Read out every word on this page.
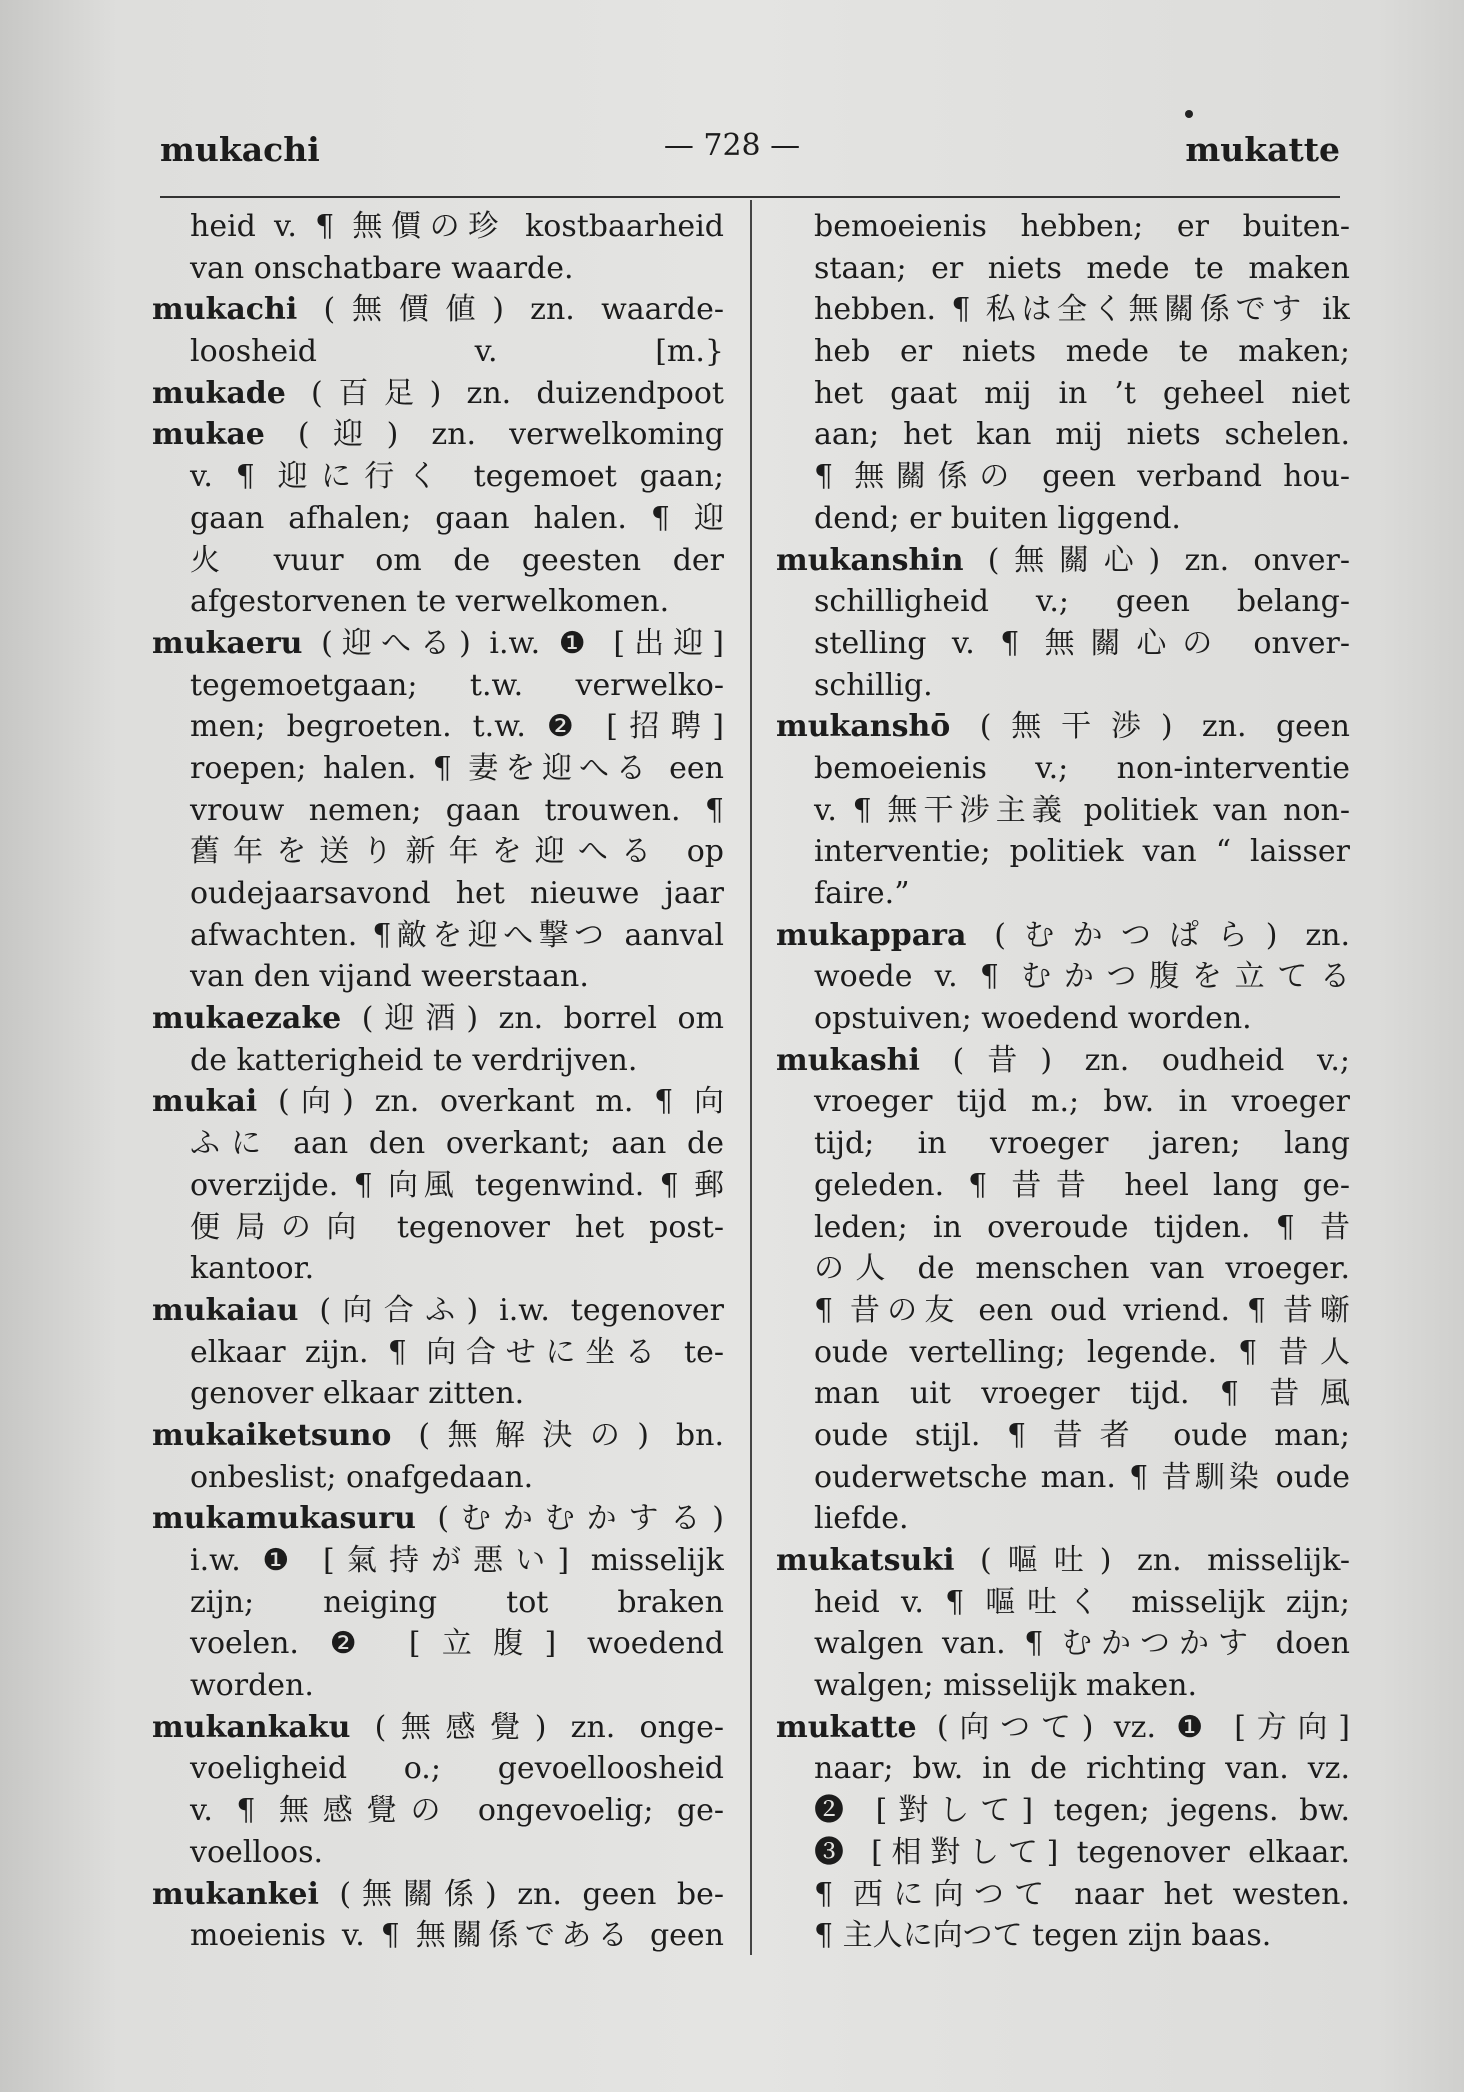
mukachi	— 728 —	mukatte
heid v. ¶ 無價の珍 kostbaarheid
van onschatbare waarde.
mukachi (無價値) zn. waarde-
loosheid v. [m.}
mukade (百足) zn. duizendpoot
mukae (迎) zn. verwelkoming
v. ¶ 迎に行く tegemoet gaan;
gaan afhalen; gaan halen. ¶ 迎
火 vuur om de geesten der
afgestorvenen te verwelkomen.
mukaeru (迎へる) i.w. ❶ [出迎]
tegemoetgaan; t.w. verwelko-
men; begroeten. t.w. ❷ [招聘]
roepen; halen. ¶ 妻を迎へる een
vrouw nemen; gaan trouwen. ¶
舊年を送り新年を迎へる op
oudejaarsavond het nieuwe jaar
afwachten. ¶敵を迎へ撃つ aanval
van den vijand weerstaan.
mukaezake (迎酒) zn. borrel om
de katterigheid te verdrijven.
mukai (向) zn. overkant m. ¶ 向
ふに aan den overkant; aan de
overzijde. ¶ 向風 tegenwind. ¶ 郵
便局の向 tegenover het post-
kantoor.
mukaiau (向合ふ) i.w. tegenover
elkaar zijn. ¶ 向合せに坐る te-
genover elkaar zitten.
mukaiketsuno (無解決の) bn.
onbeslist; onafgedaan.
mukamukasuru (むかむかする)
i.w. ❶ [氣持が悪い] misselijk
zijn; neiging tot braken
voelen. ❷ [立腹] woedend
worden.
mukankaku (無感覺) zn. onge-
voeligheid o.; gevoelloosheid
v. ¶ 無感覺の ongevoelig; ge-
voelloos.
mukankei (無關係) zn. geen be-
moeienis v. ¶ 無關係である geen
bemoeienis hebben; er buiten-
staan; er niets mede te maken
hebben. ¶ 私は全く無關係です ik
heb er niets mede te maken;
het gaat mij in ’t geheel niet
aan; het kan mij niets schelen.
¶ 無關係の geen verband hou-
dend; er buiten liggend.
mukanshin (無關心) zn. onver-
schilligheid v.; geen belang-
stelling v. ¶ 無關心の onver-
schillig.
mukanshō (無干渉) zn. geen
bemoeienis v.; non-interventie
v. ¶ 無干涉主義 politiek van non-
interventie; politiek van “ laisser
faire.”
mukappara (むかつぱら) zn.
woede v. ¶ むかつ腹を立てる
opstuiven; woedend worden.
mukashi (昔) zn. oudheid v.;
vroeger tijd m.; bw. in vroeger
tijd; in vroeger jaren; lang
geleden. ¶ 昔昔 heel lang ge-
leden; in overoude tijden. ¶ 昔
の人 de menschen van vroeger.
¶ 昔の友 een oud vriend. ¶ 昔噺
oude vertelling; legende. ¶ 昔人
man uit vroeger tijd. ¶ 昔風
oude stijl. ¶ 昔者 oude man;
ouderwetsche man. ¶ 昔馴染 oude
liefde.
mukatsuki (嘔吐) zn. misselijk-
heid v. ¶ 嘔吐く misselijk zijn;
walgen van. ¶ むかつかす doen
walgen; misselijk maken.
mukatte (向つて) vz. ❶ [方向]
naar; bw. in de richting van. vz.
❷ [對して] tegen; jegens. bw.
❸ [相對して] tegenover elkaar.
¶ 西に向つて naar het westen.
¶ 主人に向つて tegen zijn baas.
